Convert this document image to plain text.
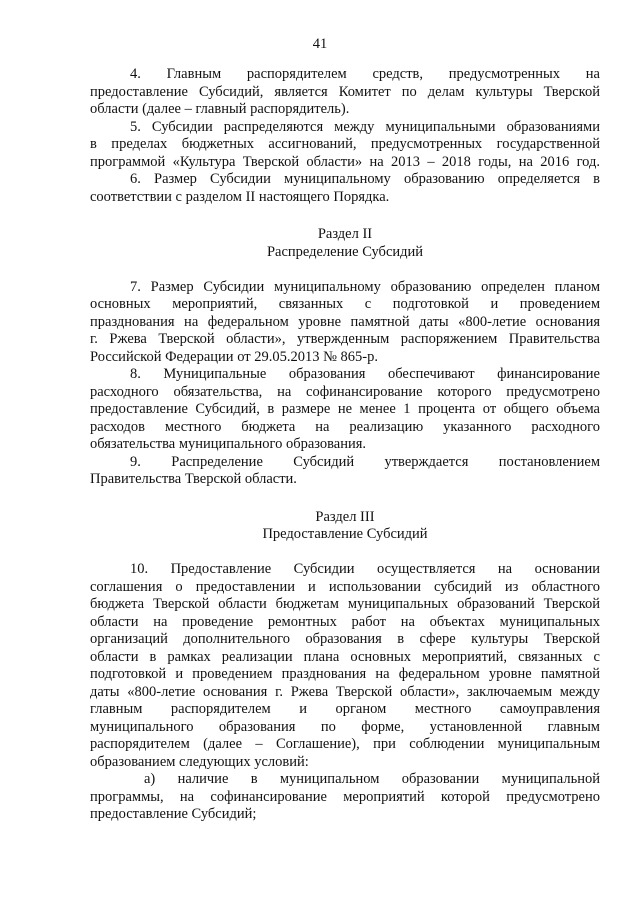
41
4. Главным распорядителем средств, предусмотренных на
предоставление Субсидий, является Комитет по делам культуры Тверской
области (далее – главный распорядитель).
5. Субсидии распределяются между муниципальными образованиями
в пределах бюджетных ассигнований, предусмотренных государственной
программой «Культура Тверской области» на 2013 – 2018 годы, на 2016 год.
6. Размер Субсидии муниципальному образованию определяется в
соответствии с разделом II настоящего Порядка.
Раздел II
Распределение Субсидий
7. Размер Субсидии муниципальному образованию определен планом
основных мероприятий, связанных с подготовкой и проведением
празднования на федеральном уровне памятной даты «800-летие основания
г. Ржева Тверской области», утвержденным распоряжением Правительства
Российской Федерации от 29.05.2013 № 865-р.
8. Муниципальные образования обеспечивают финансирование
расходного обязательства, на софинансирование которого предусмотрено
предоставление Субсидий, в размере не менее 1 процента от общего объема
расходов местного бюджета на реализацию указанного расходного
обязательства муниципального образования.
9. Распределение Субсидий утверждается постановлением
Правительства Тверской области.
Раздел III
Предоставление Субсидий
10. Предоставление Субсидии осуществляется на основании
соглашения о предоставлении и использовании субсидий из областного
бюджета Тверской области бюджетам муниципальных образований Тверской
области на проведение ремонтных работ на объектах муниципальных
организаций дополнительного образования в сфере культуры Тверской
области в рамках реализации плана основных мероприятий, связанных с
подготовкой и проведением празднования на федеральном уровне памятной
даты «800-летие основания г. Ржева Тверской области», заключаемым между
главным распорядителем и органом местного самоуправления
муниципального образования по форме, установленной главным
распорядителем (далее – Соглашение), при соблюдении муниципальным
образованием следующих условий:
а) наличие в муниципальном образовании муниципальной
программы, на софинансирование мероприятий которой предусмотрено
предоставление Субсидий;
